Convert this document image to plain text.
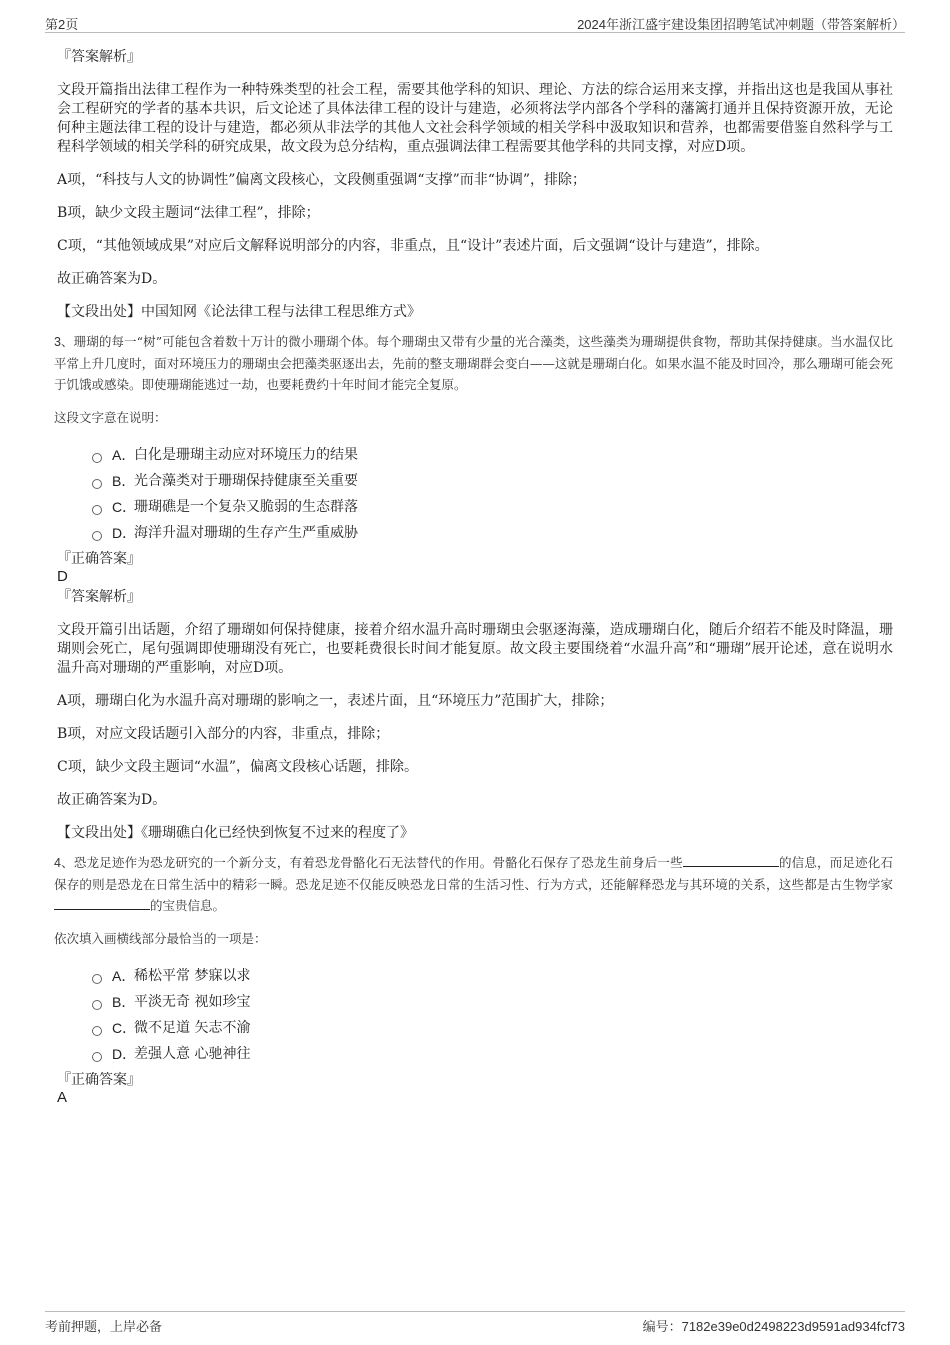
第2页	2024年浙江盛宇建设集团招聘笔试冲刺题（带答案解析）

『答案解析』

文段开篇指出法律工程作为一种特殊类型的社会工程，需要其他学科的知识、理论、方法的综合运用来支撑，并指出这也是我国从事社会工程研究的学者的基本共识，后文论述了具体法律工程的设计与建造，必须将法学内部各个学科的藩篱打通并且保持资源开放，无论何种主题法律工程的设计与建造，都必须从非法学的其他人文社会科学领域的相关学科中汲取知识和营养，也都需要借鉴自然科学与工程科学领域的相关学科的研究成果，故文段为总分结构，重点强调法律工程需要其他学科的共同支撑，对应D项。

A项，“科技与人文的协调性”偏离文段核心，文段侧重强调“支撑”而非“协调”，排除；

B项，缺少文段主题词“法律工程”，排除；

C项，“其他领域成果”对应后文解释说明部分的内容，非重点，且“设计”表述片面，后文强调“设计与建造”，排除。

故正确答案为D。

【文段出处】中国知网《论法律工程与法律工程思维方式》

3、珊瑚的每一“树”可能包含着数十万计的微小珊瑚个体。每个珊瑚虫又带有少量的光合藻类，这些藻类为珊瑚提供食物，帮助其保持健康。当水温仅比平常上升几度时，面对环境压力的珊瑚虫会把藻类驱逐出去，先前的整支珊瑚群会变白——这就是珊瑚白化。如果水温不能及时回冷，那么珊瑚可能会死于饥饿或感染。即使珊瑚能逃过一劫，也要耗费约十年时间才能完全复原。

这段文字意在说明：

A．
白化是珊瑚主动应对环境压力的结果
B．
光合藻类对于珊瑚保持健康至关重要
C．
珊瑚礁是一个复杂又脆弱的生态群落
D．
海洋升温对珊瑚的生存产生严重威胁

『正确答案』

D

『答案解析』

文段开篇引出话题，介绍了珊瑚如何保持健康，接着介绍水温升高时珊瑚虫会驱逐海藻，造成珊瑚白化，随后介绍若不能及时降温，珊瑚则会死亡，尾句强调即使珊瑚没有死亡，也要耗费很长时间才能复原。故文段主要围绕着“水温升高”和“珊瑚”展开论述，意在说明水温升高对珊瑚的严重影响，对应D项。

A项，珊瑚白化为水温升高对珊瑚的影响之一，表述片面，且“环境压力”范围扩大，排除；

B项，对应文段话题引入部分的内容，非重点，排除；

C项，缺少文段主题词“水温”，偏离文段核心话题，排除。

故正确答案为D。

【文段出处】《珊瑚礁白化已经快到恢复不过来的程度了》

4、恐龙足迹作为恐龙研究的一个新分支，有着恐龙骨骼化石无法替代的作用。骨骼化石保存了恐龙生前身后一些	的信息，而足迹化石保存的则是恐龙在日常生活中的精彩一瞬。恐龙足迹不仅能反映恐龙日常的生活习性、行为方式，还能解释恐龙与其环境的关系，这些都是古生物学家的宝贵信息。

依次填入画横线部分最恰当的一项是：

A．
稀松平常 梦寐以求
B．
平淡无奇 视如珍宝
C．
微不足道 矢志不渝
D．
差强人意 心驰神往

『正确答案』

A

考前押题，上岸必备	编号：7182e39e0d2498223d9591ad934fcf73
